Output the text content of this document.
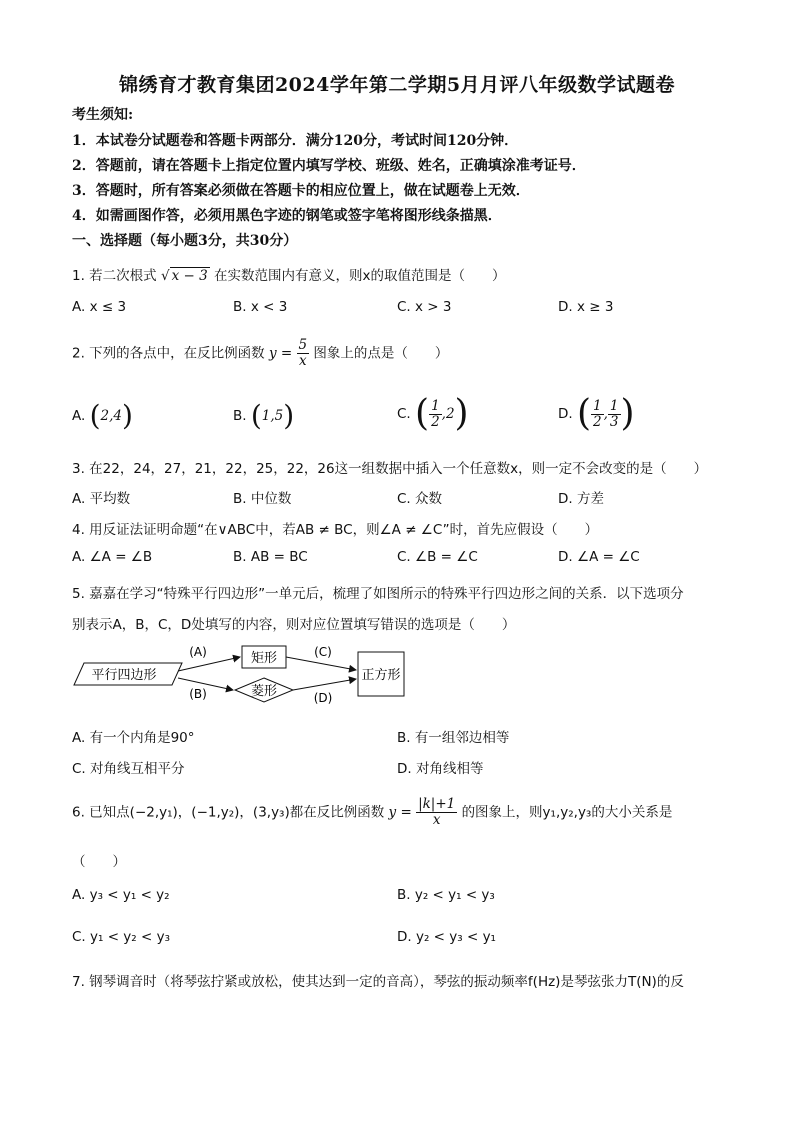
锦绣育才教育集团2024学年第二学期5月月评八年级数学试题卷
考生须知:
1．本试卷分试题卷和答题卡两部分．满分120分，考试时间120分钟．
2．答题前，请在答题卡上指定位置内填写学校、班级、姓名，正确填涂准考证号．
3．答题时，所有答案必须做在答题卡的相应位置上，做在试题卷上无效．
4．如需画图作答，必须用黑色字迹的钢笔或签字笔将图形线条描黑．
一、选择题（每小题3分，共30分）
1. 若二次根式 √ x − 3 在实数范围内有意义，则x的取值范围是（　　）
A. x ≤ 3	B. x < 3	C. x > 3	D. x ≥ 3
2. 下列的各点中，在反比例函数 $y = \frac{5}{x}$ 图象上的点是（　　）
A. (2,4)	B. (1,5)	C. ( $\frac{1}{2} ,2$)	D. ( $\frac{1}{2}$ , $\frac{1}{3}$ )
3. 在22，24，27，21，22，25，22，26这一组数据中插入一个任意数x，则一定不会改变的是（　　）
A. 平均数	B. 中位数	C. 众数	D. 方差
4. 用反证法证明命题“在∨ABC中，若AB ≠ BC，则∠A ≠ ∠C”时，首先应假设（　　）
A. ∠A = ∠B	B. AB = BC	C. ∠B = ∠C	D. ∠A = ∠C
5. 嘉嘉在学习“特殊平行四边形”一单元后，梳理了如图所示的特殊平行四边形之间的关系．以下选项分
别表示A，B，C，D处填写的内容，则对应位置填写错误的选项是（　　）
平行四边形
矩形
菱形
正方形
(A)
(B)
(C)
(D)
A. 有一个内角是90°	B. 有一组邻边相等
C. 对角线互相平分	D. 对角线相等
6. 已知点(−2,y₁)，(−1,y₂)，(3,y₃)都在反比例函数 $y = \frac{|k|+1}{x}$ 的图象上，则y₁,y₂,y₃的大小关系是
（　　）
A. y₃ < y₁ < y₂	B. y₂ < y₁ < y₃
C. y₁ < y₂ < y₃	D. y₂ < y₃ < y₁
7. 钢琴调音时（将琴弦拧紧或放松，使其达到一定的音高），琴弦的振动频率f(Hz)是琴弦张力T(N)的反
